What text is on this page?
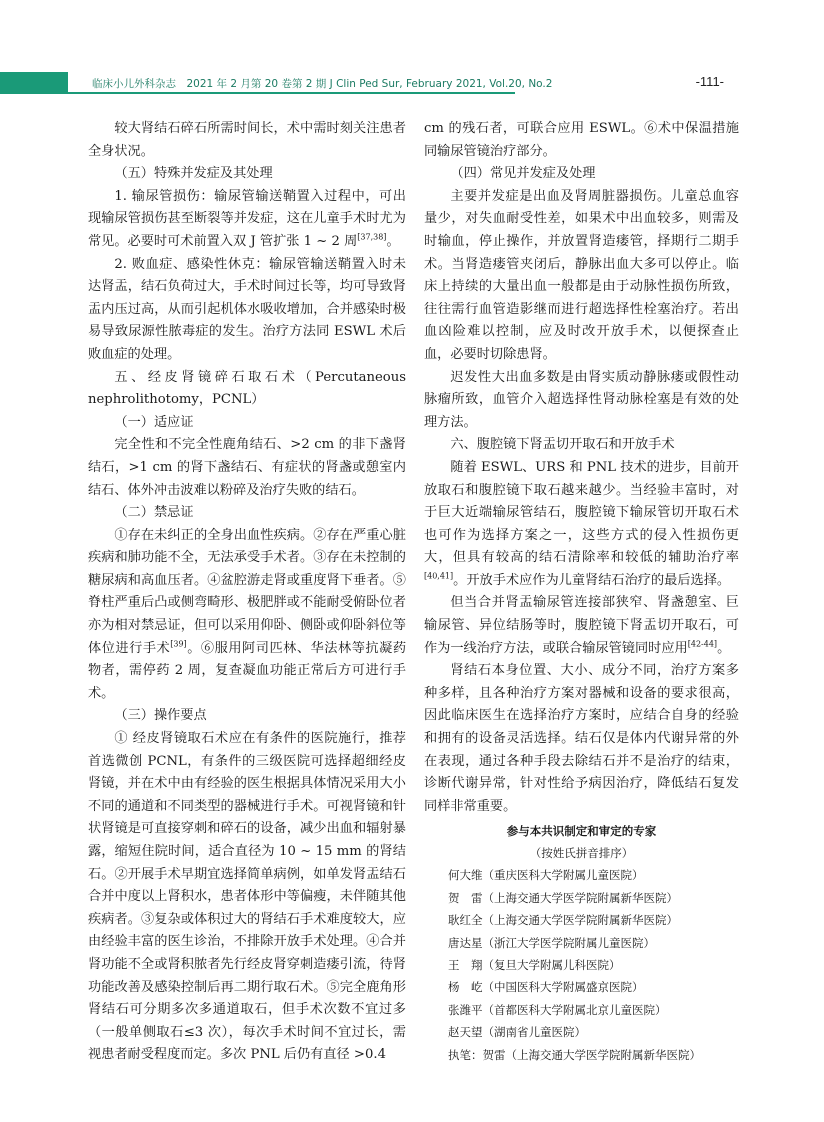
临床小儿外科杂志　2021 年 2 月第 20 卷第 2 期 J Clin Ped Sur, February 2021, Vol.20, No.2	-111-

较大肾结石碎石所需时间长，术中需时刻关注患者全身状况。

（五）特殊并发症及其处理

1. 输尿管损伤：输尿管输送鞘置入过程中，可出现输尿管损伤甚至断裂等并发症，这在儿童手术时尤为常见。必要时可术前置入双 J 管扩张 1 ~ 2 周[37,38]。

2. 败血症、感染性休克：输尿管输送鞘置入时未达肾盂，结石负荷过大，手术时间过长等，均可导致肾盂内压过高，从而引起机体水吸收增加，合并感染时极易导致尿源性脓毒症的发生。治疗方法同 ESWL 术后败血症的处理。

五、经皮肾镜碎石取石术（Percutaneous nephrolithotomy，PCNL）

（一）适应证

完全性和不完全性鹿角结石、>2 cm 的非下盏肾结石，>1 cm 的肾下盏结石、有症状的肾盏或憩室内结石、体外冲击波难以粉碎及治疗失败的结石。

（二）禁忌证

①存在未纠正的全身出血性疾病。②存在严重心脏疾病和肺功能不全，无法承受手术者。③存在未控制的糖尿病和高血压者。④盆腔游走肾或重度肾下垂者。⑤脊柱严重后凸或侧弯畸形、极肥胖或不能耐受俯卧位者亦为相对禁忌证，但可以采用仰卧、侧卧或仰卧斜位等体位进行手术[39]。⑥服用阿司匹林、华法林等抗凝药物者，需停药 2 周，复查凝血功能正常后方可进行手术。

（三）操作要点

① 经皮肾镜取石术应在有条件的医院施行，推荐首选微创 PCNL，有条件的三级医院可选择超细经皮肾镜，并在术中由有经验的医生根据具体情况采用大小不同的通道和不同类型的器械进行手术。可视肾镜和针状肾镜是可直接穿刺和碎石的设备，减少出血和辐射暴露，缩短住院时间，适合直径为 10 ~ 15 mm 的肾结石。②开展手术早期宜选择简单病例，如单发肾盂结石合并中度以上肾积水，患者体形中等偏瘦，未伴随其他疾病者。③复杂或体积过大的肾结石手术难度较大，应由经验丰富的医生诊治，不排除开放手术处理。④合并肾功能不全或肾积脓者先行经皮肾穿刺造瘘引流，待肾功能改善及感染控制后再二期行取石术。⑤完全鹿角形肾结石可分期多次多通道取石，但手术次数不宜过多（一般单侧取石≤3 次），每次手术时间不宜过长，需视患者耐受程度而定。多次 PNL 后仍有直径 >0.4

cm 的残石者，可联合应用 ESWL。⑥术中保温措施同输尿管镜治疗部分。

（四）常见并发症及处理

主要并发症是出血及肾周脏器损伤。儿童总血容量少，对失血耐受性差，如果术中出血较多，则需及时输血，停止操作，并放置肾造瘘管，择期行二期手术。当肾造瘘管夹闭后，静脉出血大多可以停止。临床上持续的大量出血一般都是由于动脉性损伤所致，往往需行血管造影继而进行超选择性栓塞治疗。若出血凶险难以控制，应及时改开放手术，以便探查止血，必要时切除患肾。

迟发性大出血多数是由肾实质动静脉瘘或假性动脉瘤所致，血管介入超选择性肾动脉栓塞是有效的处理方法。

六、腹腔镜下肾盂切开取石和开放手术

随着 ESWL、URS 和 PNL 技术的进步，目前开放取石和腹腔镜下取石越来越少。当经验丰富时，对于巨大近端输尿管结石，腹腔镜下输尿管切开取石术也可作为选择方案之一，这些方式的侵入性损伤更大，但具有较高的结石清除率和较低的辅助治疗率[40,41]。开放手术应作为儿童肾结石治疗的最后选择。

但当合并肾盂输尿管连接部狭窄、肾盏憩室、巨输尿管、异位结肠等时，腹腔镜下肾盂切开取石，可作为一线治疗方法，或联合输尿管镜同时应用[42-44]。

肾结石本身位置、大小、成分不同，治疗方案多种多样，且各种治疗方案对器械和设备的要求很高，因此临床医生在选择治疗方案时，应结合自身的经验和拥有的设备灵活选择。结石仅是体内代谢异常的外在表现，通过各种手段去除结石并不是治疗的结束，诊断代谢异常，针对性给予病因治疗，降低结石复发同样非常重要。

参与本共识制定和审定的专家
（按姓氏拼音排序）
何大维（重庆医科大学附属儿童医院）
贺　雷（上海交通大学医学院附属新华医院）
耿红全（上海交通大学医学院附属新华医院）
唐达星（浙江大学医学院附属儿童医院）
王　翔（复旦大学附属儿科医院）
杨　屹（中国医科大学附属盛京医院）
张潍平（首都医科大学附属北京儿童医院）
赵天望（湖南省儿童医院）
执笔：贺雷（上海交通大学医学院附属新华医院）
